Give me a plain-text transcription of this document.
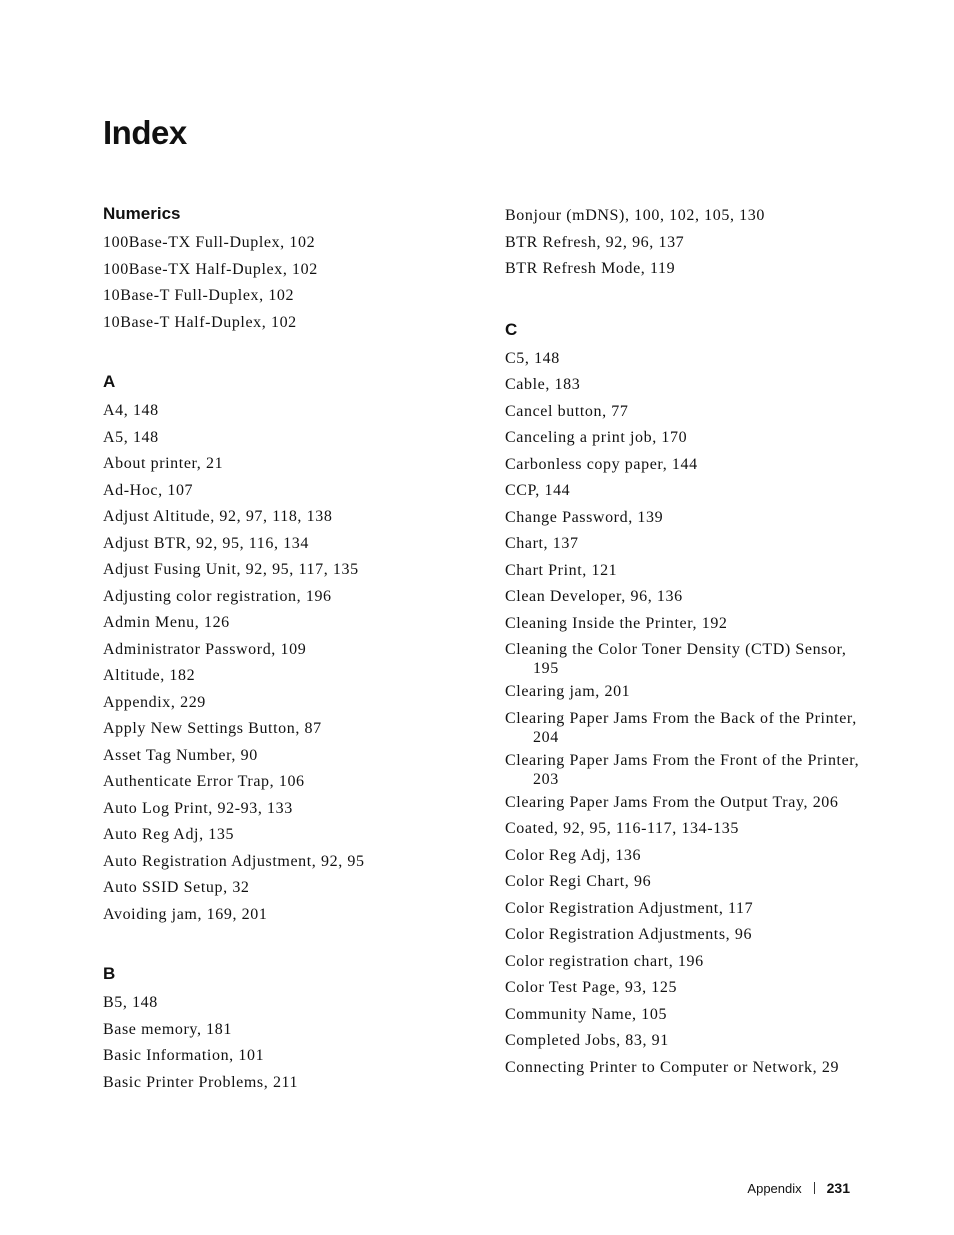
Index
Numerics
100Base-TX Full-Duplex, 102
100Base-TX Half-Duplex, 102
10Base-T Full-Duplex, 102
10Base-T Half-Duplex, 102
A
A4, 148
A5, 148
About printer, 21
Ad-Hoc, 107
Adjust Altitude, 92, 97, 118, 138
Adjust BTR, 92, 95, 116, 134
Adjust Fusing Unit, 92, 95, 117, 135
Adjusting color registration, 196
Admin Menu, 126
Administrator Password, 109
Altitude, 182
Appendix, 229
Apply New Settings Button, 87
Asset Tag Number, 90
Authenticate Error Trap, 106
Auto Log Print, 92-93, 133
Auto Reg Adj, 135
Auto Registration Adjustment, 92, 95
Auto SSID Setup, 32
Avoiding jam, 169, 201
B
B5, 148
Base memory, 181
Basic Information, 101
Basic Printer Problems, 211
Bonjour (mDNS), 100, 102, 105, 130
BTR Refresh, 92, 96, 137
BTR Refresh Mode, 119
C
C5, 148
Cable, 183
Cancel button, 77
Canceling a print job, 170
Carbonless copy paper, 144
CCP, 144
Change Password, 139
Chart, 137
Chart Print, 121
Clean Developer, 96, 136
Cleaning Inside the Printer, 192
Cleaning the Color Toner Density (CTD) Sensor, 195
Clearing jam, 201
Clearing Paper Jams From the Back of the Printer, 204
Clearing Paper Jams From the Front of the Printer, 203
Clearing Paper Jams From the Output Tray, 206
Coated, 92, 95, 116-117, 134-135
Color Reg Adj, 136
Color Regi Chart, 96
Color Registration Adjustment, 117
Color Registration Adjustments, 96
Color registration chart, 196
Color Test Page, 93, 125
Community Name, 105
Completed Jobs, 83, 91
Connecting Printer to Computer or Network, 29
Appendix 231
